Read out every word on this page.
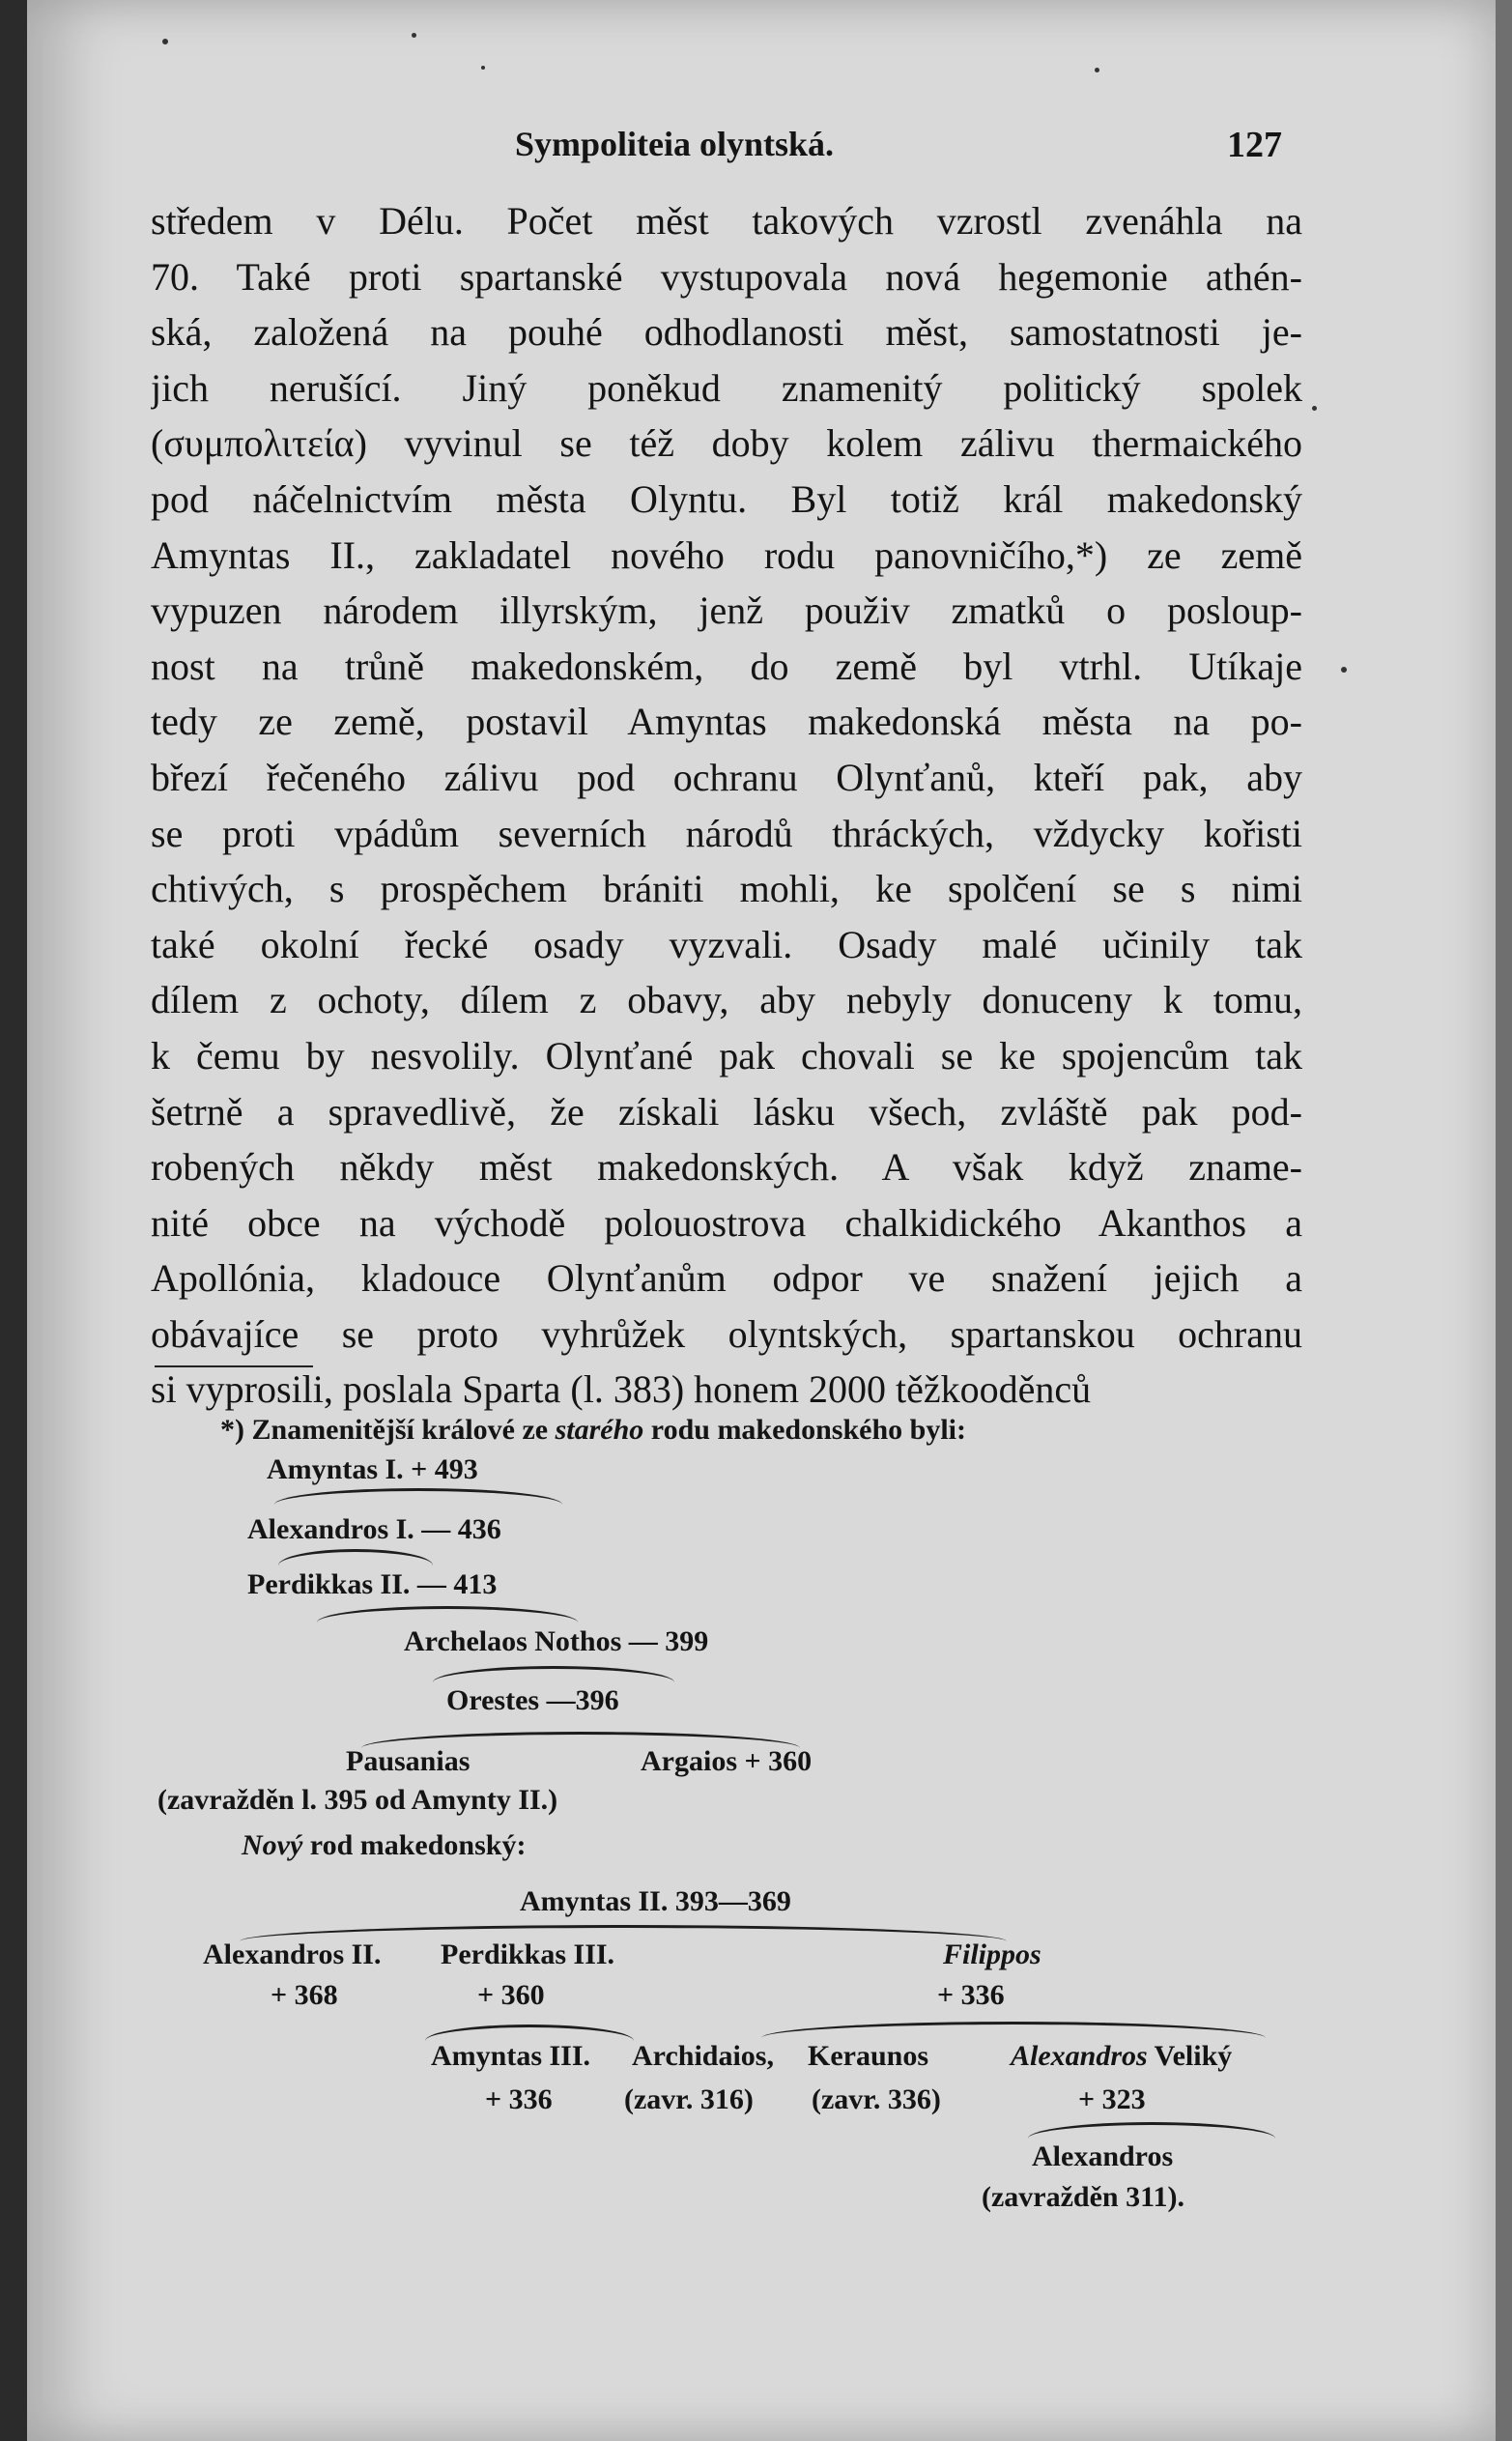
Sympoliteia olyntská.	127
středem v Délu. Počet měst takových vzrostl zvenáhla na
70. Také proti spartanské vystupovala nová hegemonie athén-
ská, založená na pouhé odhodlanosti měst, samostatnosti je-
jich nerušící. Jiný poněkud znamenitý politický spolek
(συμπολιτεία) vyvinul se též doby kolem zálivu thermaického
pod náčelnictvím města Olyntu. Byl totiž král makedonský
Amyntas II., zakladatel nového rodu panovničího,*) ze země
vypuzen národem illyrským, jenž použiv zmatků o posloup-
nost na trůně makedonském, do země byl vtrhl. Utíkaje
tedy ze země, postavil Amyntas makedonská města na po-
březí řečeného zálivu pod ochranu Olynťanů, kteří pak, aby
se proti vpádům severních národů thráckých, vždycky kořisti
chtivých, s prospěchem brániti mohli, ke spolčení se s nimi
také okolní řecké osady vyzvali. Osady malé učinily tak
dílem z ochoty, dílem z obavy, aby nebyly donuceny k tomu,
k čemu by nesvolily. Olynťané pak chovali se ke spojencům tak
šetrně a spravedlivě, že získali lásku všech, zvláště pak pod-
robených někdy měst makedonských. A však když zname-
nité obce na východě polouostrova chalkidického Akanthos a
Apollónia, kladouce Olynťanům odpor ve snažení jejich a
obávajíce se proto vyhrůžek olyntských, spartanskou ochranu
si vyprosili, poslala Sparta (l. 383) honem 2000 těžkooděnců
*) Znamenitější králové ze starého rodu makedonského byli:
Amyntas I. + 493
Alexandros I. — 436
Perdikkas II. — 413
Archelaos Nothos — 399
Orestes —396
Pausanias	Argaios + 360
(zavražděn l. 395 od Amynty II.)
Nový rod makedonský:
Amyntas II. 393—369
Alexandros II. Perdikkas III.	Filippos
+ 368	+ 360	+ 336
Amyntas III. Archidaios, Keraunos	Alexandros Veliký
+ 336 (zavr. 316) (zavr. 336)	+ 323
Alexandros
(zavražděn 311).
